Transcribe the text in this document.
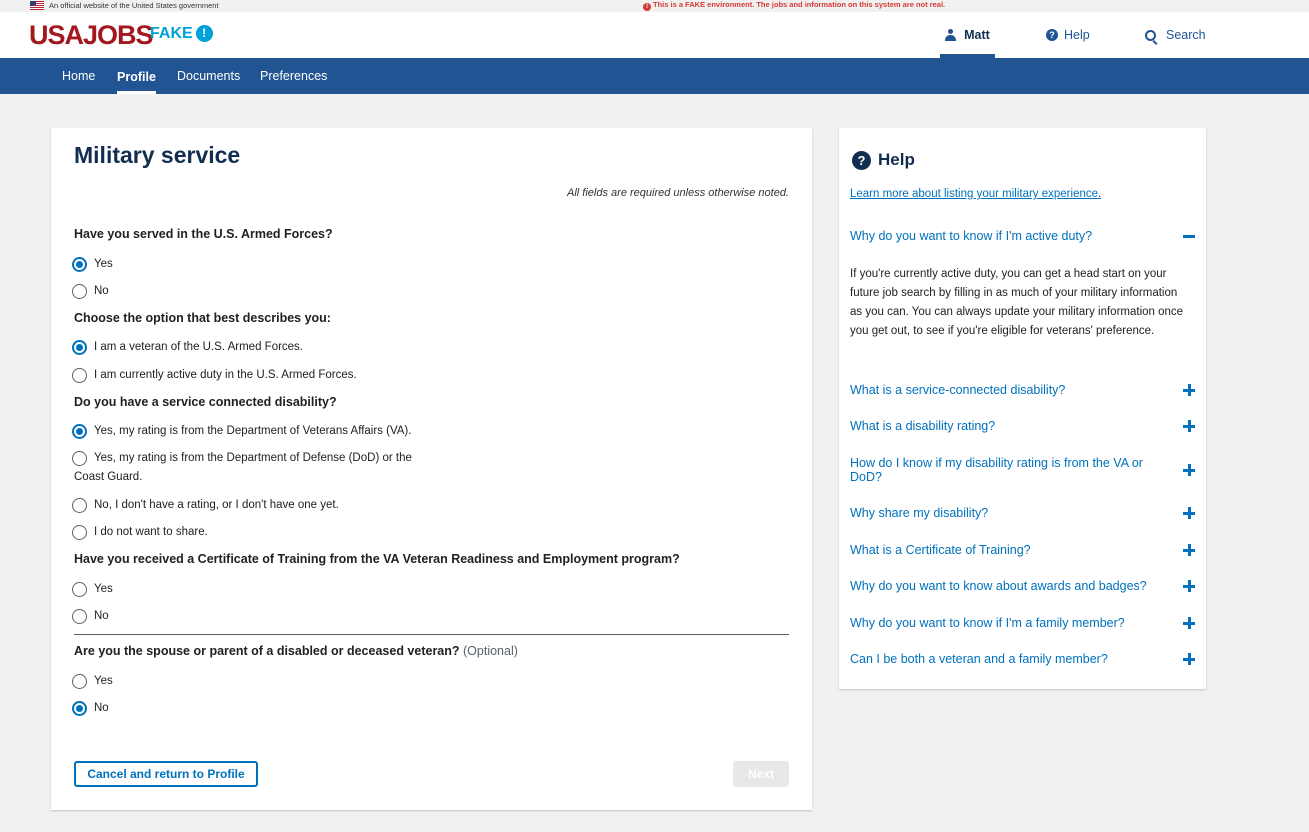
An official website of the United States government	! This is a FAKE environment. The jobs and information on this system are not real.
USAJOBS
FAKE !	Matt	? Help	Search
Home Profile Documents Preferences
Military service
All fields are required unless otherwise noted.
Have you served in the U.S. Armed Forces?
Yes
No
Choose the option that best describes you:
I am a veteran of the U.S. Armed Forces.
I am currently active duty in the U.S. Armed Forces.
Do you have a service connected disability?
Yes, my rating is from the Department of Veterans Affairs (VA).
Yes, my rating is from the Department of Defense (DoD) or the
Coast Guard.
No, I don't have a rating, or I don't have one yet.
I do not want to share.
Have you received a Certificate of Training from the VA Veteran Readiness and Employment program?
Yes
No
Are you the spouse or parent of a disabled or deceased veteran? (Optional)
Yes
No
Cancel and return to Profile	Next
? Help
Learn more about listing your military experience.
Why do you want to know if I'm active duty?
If you're currently active duty, you can get a head start on your future job search by filling in as much of your military information as you can. You can always update your military information once you get out, to see if you're eligible for veterans' preference.
What is a service-connected disability?
What is a disability rating?
How do I know if my disability rating is from the VA or DoD?
Why share my disability?
What is a Certificate of Training?
Why do you want to know about awards and badges?
Why do you want to know if I'm a family member?
Can I be both a veteran and a family member?
